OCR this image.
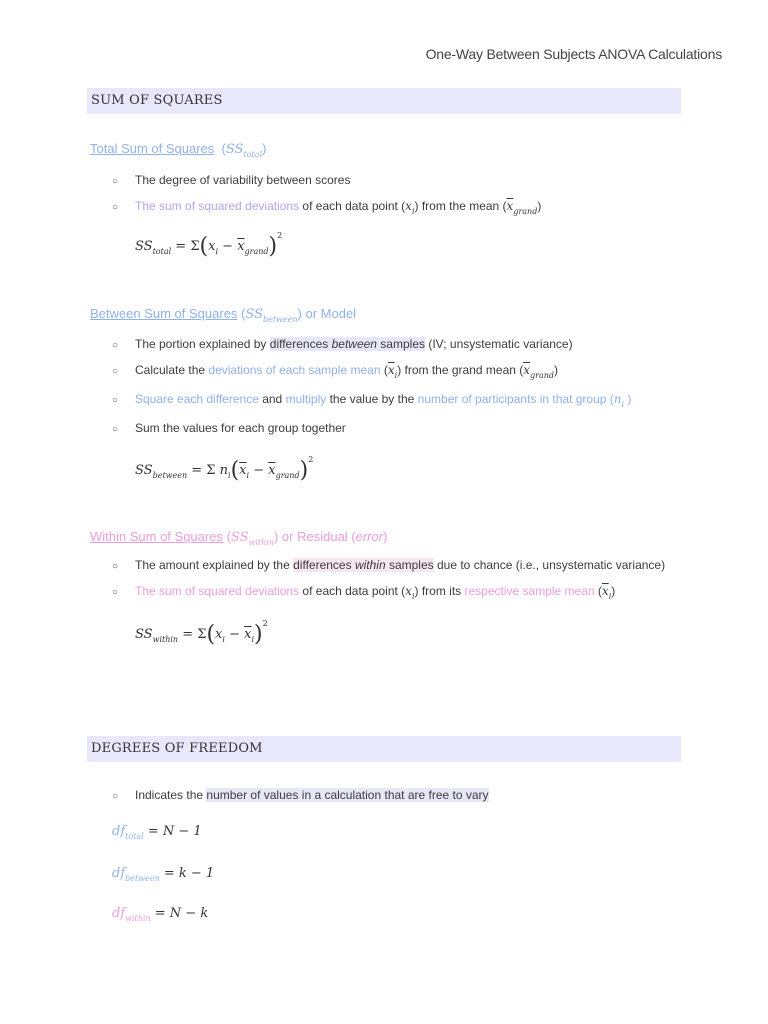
One-Way Between Subjects ANOVA Calculations
SUM OF SQUARES
Total Sum of Squares  $(SS_{total})$
○ The degree of variability between scores
○ The sum of squared deviations of each data point $(x_i)$ from the mean $(\overline{x}_{grand})$
$SS_{total} = \Sigma(x_i - \overline{x}_{grand})^2$
Between Sum of Squares $(SS_{between})$ or Model
○ The portion explained by differences between samples (IV; unsystematic variance)
○ Calculate the deviations of each sample mean $(\overline{x}_i)$ from the grand mean $(\overline{x}_{grand})$
○ Square each difference and multiply the value by the number of participants in that group ($n_i$ )
○ Sum the values for each group together
$SS_{between} = \Sigma$ $n_i(\overline{x}_i - \overline{x}_{grand})^2$
Within Sum of Squares $(SS_{within})$ or Residual (error)
○ The amount explained by the differences within samples due to chance (i.e., unsystematic variance)
○ The sum of squared deviations of each data point $(x_i)$ from its respective sample mean $(\overline{x}_i)$
$SS_{within} = \Sigma(x_i - \overline{x}_i)^2$
DEGREES OF FREEDOM
○ Indicates the number of values in a calculation that are free to vary
$df_{total} = N - 1$
$df_{between} = k - 1$
$df_{within} = N - k$
